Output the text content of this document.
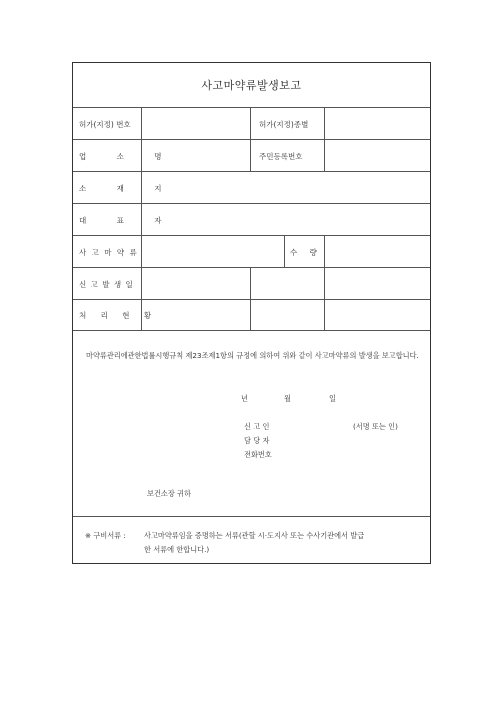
사고마약류발생보고
허가(지정) 번호	허가(지정)종별
업 소 명	주민등록번호
소 재 지
대 표 자
사 고 마 약 류	수 량
신 고 발 생 일
처 리 현 황
마약류관리에관한법률시행규칙 제23조제1항의 규정에 의하여 위와 같이 사고마약류의 발생을 보고합니다.
년	월	일
신 고 인	(서명 또는 인)
담 당 자
전화번호
보건소장 귀하
※ 구비서류 :	사고마약류임을 증명하는 서류(관할 시·도지사 또는 수사기관에서 발급
한 서류에 한합니다.)
